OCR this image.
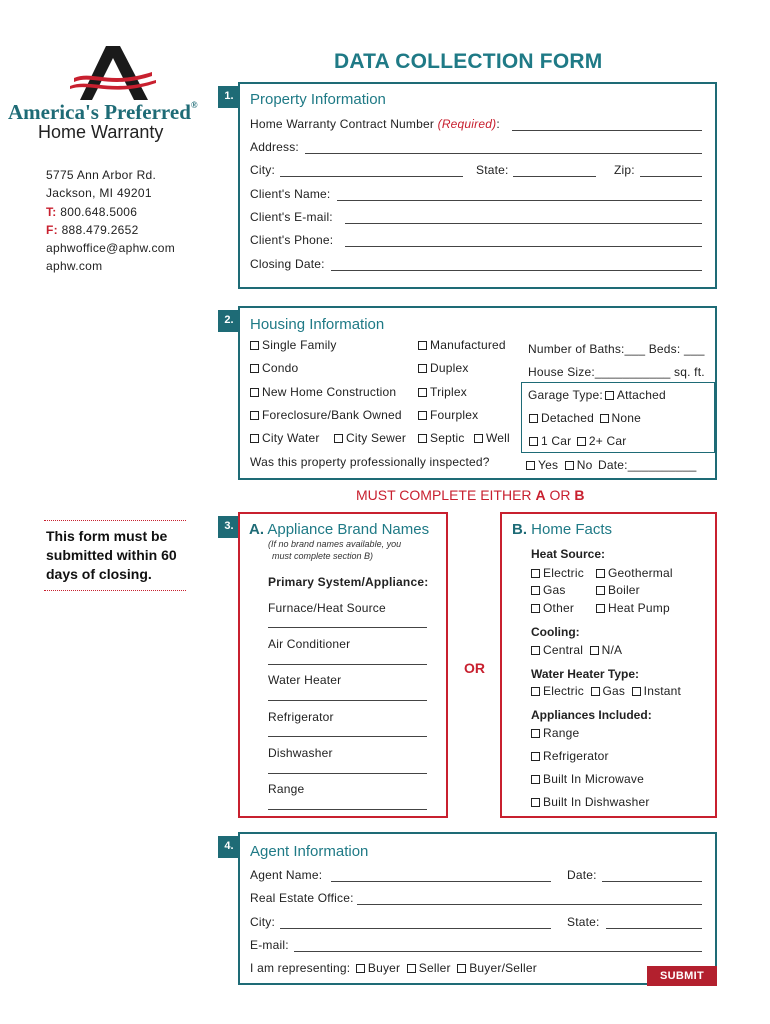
America's Preferred®
Home Warranty
5775 Ann Arbor Rd.
Jackson, MI 49201
T: 800.648.5006
F: 888.479.2652
aphwoffice@aphw.com
aphw.com
DATA COLLECTION FORM
1.	Property Information
Home Warranty Contract Number (Required):
Address:
City:	State:	Zip:
Client's Name:
Client's E-mail:
Client's Phone:
Closing Date:
2.	Housing Information
Single Family	Manufactured Number of Baths:___ Beds: ___
Condo	Duplex	House Size:___________ sq. ft.
New Home Construction	Triplex	Garage Type: Attached
Foreclosure/Bank Owned	Fourplex	Detached None
City Water	City Sewer	Septic	Well	1 Car 2+ Car
Was this property professionally inspected?	Yes No Date:__________
MUST COMPLETE EITHER A OR B
This form must be submitted within 60 days of closing.
3.	A. Appliance Brand Names
(If no brand names available, you
must complete section B)
Primary System/Appliance:
Furnace/Heat Source
Air Conditioner
Water Heater
Refrigerator
Dishwasher
Range
OR
B. Home Facts
Heat Source:
Electric	Geothermal
Gas	Boiler
Other	Heat Pump
Cooling:
Central N/A
Water Heater Type:
Electric Gas Instant
Appliances Included:
Range
Refrigerator
Built In Microwave
Built In Dishwasher
4.	Agent Information
Agent Name:	Date:
Real Estate Office:
City:	State:
E-mail:
I am representing: Buyer Seller Buyer/Seller
SUBMIT
